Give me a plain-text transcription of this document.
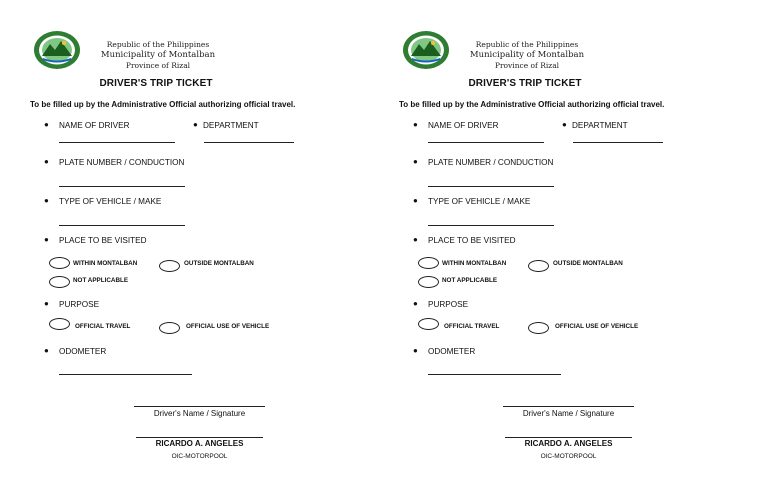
Republic of the Philippines
Municipality of Montalban
Province of Rizal
DRIVER'S TRIP TICKET
To be filled up by the Administrative Official authorizing official travel.
● NAME OF DRIVER	● DEPARTMENT
● PLATE NUMBER / CONDUCTION
● TYPE OF VEHICLE / MAKE
● PLACE TO BE VISITED
WITHIN MONTALBAN	OUTSIDE MONTALBAN
NOT APPLICABLE
● PURPOSE
OFFICIAL TRAVEL	OFFICIAL USE OF VEHICLE
● ODOMETER
Driver's Name / Signature
RICARDO A. ANGELES
OIC-MOTORPOOL
Republic of the Philippines
Municipality of Montalban
Province of Rizal
DRIVER'S TRIP TICKET
To be filled up by the Administrative Official authorizing official travel.
● NAME OF DRIVER	● DEPARTMENT
● PLATE NUMBER / CONDUCTION
● TYPE OF VEHICLE / MAKE
● PLACE TO BE VISITED
WITHIN MONTALBAN	OUTSIDE MONTALBAN
NOT APPLICABLE
● PURPOSE
OFFICIAL TRAVEL	OFFICIAL USE OF VEHICLE
● ODOMETER
Driver's Name / Signature
RICARDO A. ANGELES
OIC-MOTORPOOL
